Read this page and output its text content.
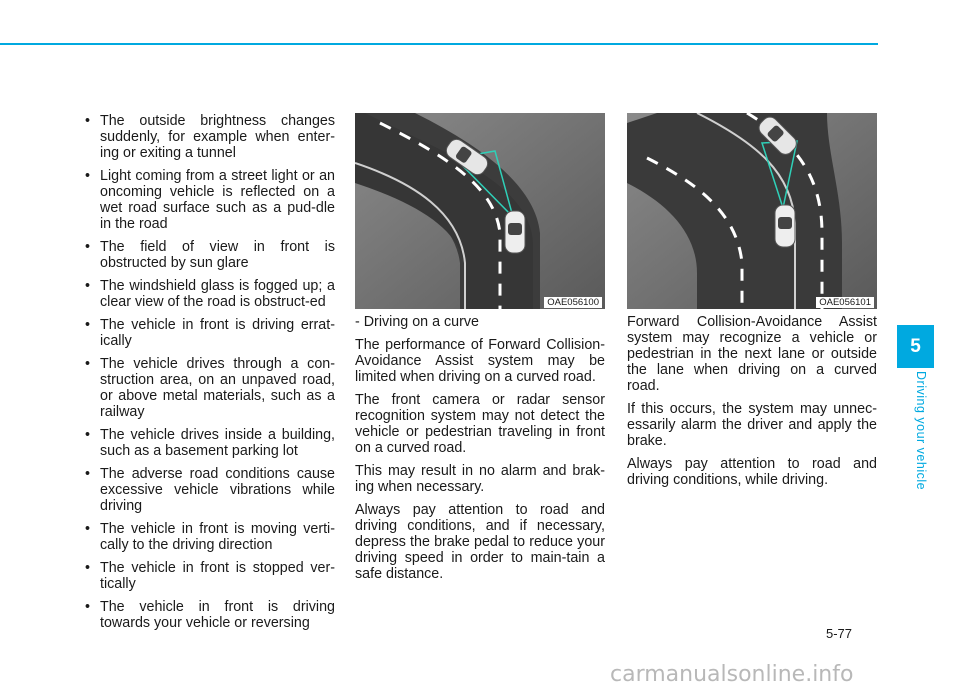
• The outside brightness changes suddenly, for example when enter-ing or exiting a tunnel
• Light coming from a street light or an oncoming vehicle is reflected on a wet road surface such as a pud-dle in the road
• The field of view in front is obstructed by sun glare
• The windshield glass is fogged up; a clear view of the road is obstruct-ed
• The vehicle in front is driving errat-ically
• The vehicle drives through a con-struction area, on an unpaved road, or above metal materials, such as a railway
• The vehicle drives inside a building, such as a basement parking lot
• The adverse road conditions cause excessive vehicle vibrations while driving
• The vehicle in front is moving verti-cally to the driving direction
• The vehicle in front is stopped ver-tically
• The vehicle in front is driving towards your vehicle or reversing
OAE056100

- Driving on a curve

The performance of Forward Collision-Avoidance Assist system may be limited when driving on a curved road.

The front camera or radar sensor recognition system may not detect the vehicle or pedestrian traveling in front on a curved road.

This may result in no alarm and brak-ing when necessary.

Always pay attention to road and driving conditions, and if necessary, depress the brake pedal to reduce your driving speed in order to main-tain a safe distance.

OAE056101

Forward Collision-Avoidance Assist system may recognize a vehicle or pedestrian in the next lane or outside the lane when driving on a curved road.

If this occurs, the system may unnec-essarily alarm the driver and apply the brake.

Always pay attention to road and driving conditions, while driving.

5
Driving your vehicle
5-77
carmanualsonline.info
